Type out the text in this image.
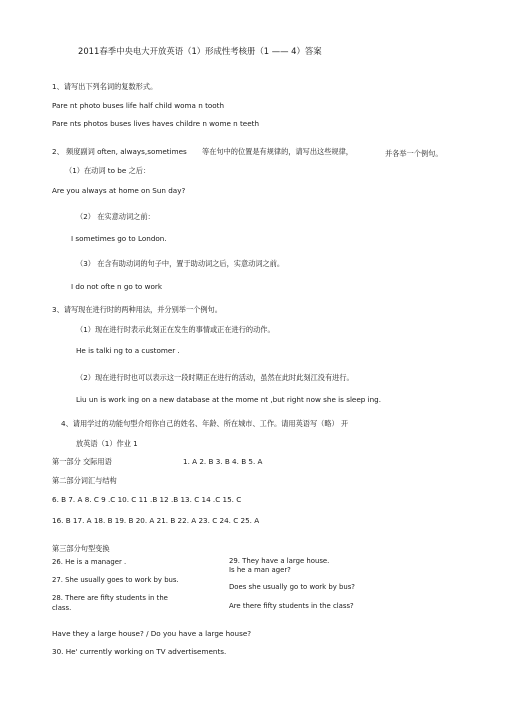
2011春季中央电大开放英语（1）形成性考核册（1 —— 4）答案
1、请写出下列名词的复数形式。
Pare nt photo buses life half child woma n tooth
Pare nts photos buses lives haves childre n wome n teeth
2、 频度副词 often, always,sometimes 等在句中的位置是有规律的，请写出这些规律，	并各举一个例句。
（1）在动词 to be 之后：
Are you always at home on Sun day?
（2） 在实意动词之前：
I sometimes go to London.
（3） 在含有助动词的句子中，置于助动词之后，实意动词之前。
I do not ofte n go to work
3、请写现在进行时的两种用法，并分别举一个例句。
（1）现在进行时表示此刻正在发生的事情或正在进行的动作。
He is talki ng to a customer .
（2）现在进行时也可以表示这一段时期正在进行的活动，虽然在此时此刻江没有进行。
Liu un is work ing on a new database at the mome nt ,but right now she is sleep ing.
4、请用学过的功能句型介绍你自己的姓名、年龄、所在城市、工作。请用英语写（略） 开
放英语（1）作业 1
第一部分 交际用语	1. A 2. B 3. B 4. B 5. A
第二部分词汇与结构
6. B 7. A 8. C 9 .C 10. C 11 .B 12 .B 13. C 14 .C 15. C
16. B 17. A 18. B 19. B 20. A 21. B 22. A 23. C 24. C 25. A
第三部分句型变换
26. He is a manager .
27. She usually goes to work by bus.
28. There are fifty students in the
class.
29. They have a large house.
Is he a man ager?
Does she usually go to work by bus?
Are there fifty students in the class?
Have they a large house? / Do you have a large house?
30. He' currently working on TV advertisements.
